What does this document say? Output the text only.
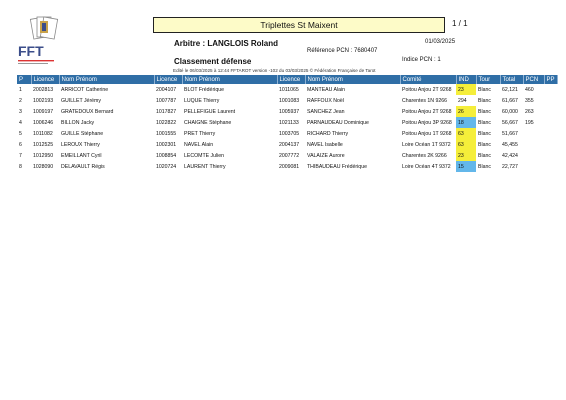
FFT
Triplettes St Maixent	1 / 1
Arbitre : LANGLOIS Roland	01/03/2025
Référence PCN : 7680407
Classement défense	Indice PCN : 1
Edité le 06/03/2025 à 12:44 FFTAROT version -102 du 03/03/2025 © Fédération Française de Tarot
P	Licence	Nom Prénom	Licence	Nom Prénom	Licence	Nom Prénom	Comité	IND	Tour	Total	PCN	PP
1	2002813	ARRICOT Catherine	2004107	BLOT Frédérique	1011065	MANTEAU Alain	Poitou Anjou 2T 9268	23	Blanc	62,121	460	
2	1002193	GUILLET Jérémy	1007787	LUQUE Thierry	1001083	RAFFOUX Noël	Charentes 1N 9266	294	Blanc	61,667	355	
3	1009197	GRATEDOUX Bernard	1017827	PELLEFIGUE Laurent	1005937	SANCHEZ Jean	Poitou Anjou 2T 9268	26	Blanc	60,000	263	
4	1006246	BILLON Jacky	1022822	CHAIGNE Stéphane	1021133	PARNAUDEAU Dominique	Poitou Anjou 3P 9268	18	Blanc	56,667	195	
5	1011082	GUILLE Stéphane	1001555	PRET Thierry	1003705	RICHARD Thierry	Poitou Anjou 1T 9268	63	Blanc	51,667		
6	1012525	LEROUX Thierry	1002301	NAVEL Alain	2004137	NAVEL Isabelle	Loire Océan 1T 9372	63	Blanc	45,455		
7	1012950	EMEILLANT Cyril	1008854	LECOMTE Julien	2007772	VALAIZE Aurore	Charentes 2K 9266	23	Blanc	42,424		
8	1028090	DELAVAULT Régis	1020724	LAURENT Thierry	2009081	THIBAUDEAU Frédérique	Loire Océan 4T 9372	15	Blanc	22,727		
